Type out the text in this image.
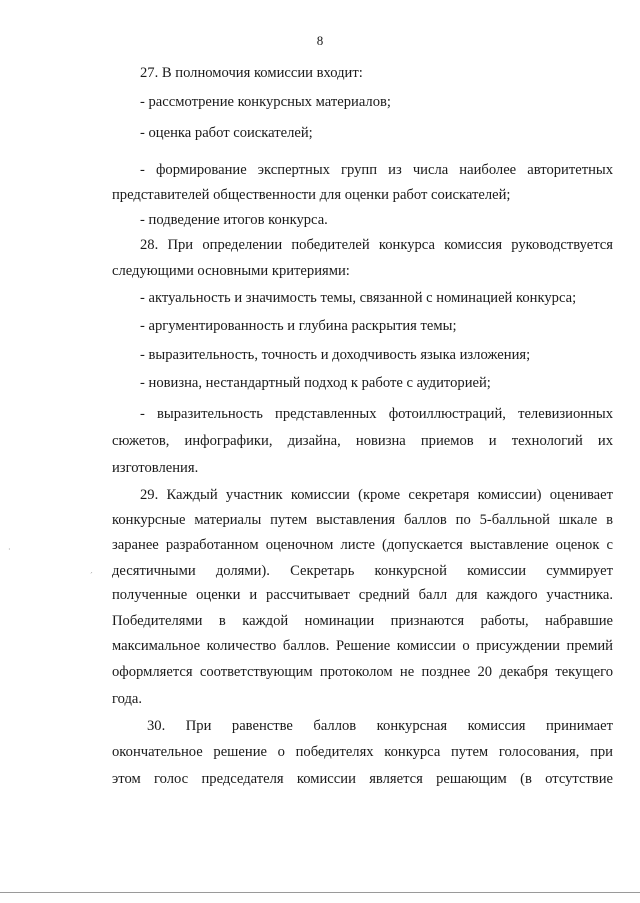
8
27. В полномочия комиссии входит:
- рассмотрение конкурсных материалов;
- оценка работ соискателей;
- формирование экспертных групп из числа наиболее авторитетных
представителей общественности для оценки работ соискателей;
- подведение итогов конкурса.
28. При определении победителей конкурса комиссия руководствуется
следующими основными критериями:
- актуальность и значимость темы, связанной с номинацией конкурса;
- аргументированность и глубина раскрытия темы;
- выразительность, точность и доходчивость языка изложения;
- новизна, нестандартный подход к работе с аудиторией;
- выразительность представленных фотоиллюстраций, телевизионных
сюжетов, инфографики, дизайна, новизна приемов и технологий их
изготовления.
29. Каждый участник комиссии (кроме секретаря комиссии) оценивает
конкурсные материалы путем выставления баллов по 5-балльной шкале в
заранее разработанном оценочном листе (допускается выставление оценок с
десятичными долями). Секретарь конкурсной комиссии суммирует
полученные оценки и рассчитывает средний балл для каждого участника.
Победителями в каждой номинации признаются работы, набравшие
максимальное количество баллов. Решение комиссии о присуждении премий
оформляется соответствующим протоколом не позднее 20 декабря текущего
года.
30. При равенстве баллов конкурсная комиссия принимает
окончательное решение о победителях конкурса путем голосования, при
этом голос председателя комиссии является решающим (в отсутствие
ˊ
·
